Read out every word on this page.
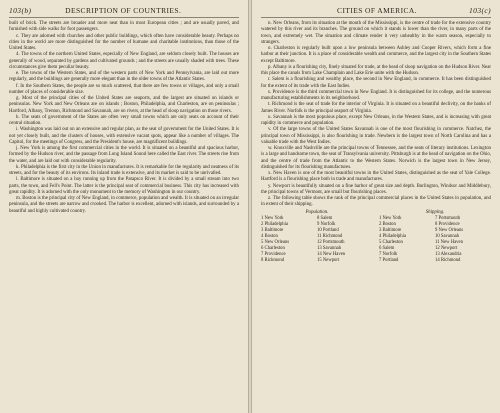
103(b)	DESCRIPTION OF COUNTRIES.

built of brick. The streets are broader and more neat than in most European cities ; and are usually paved, and furnished with side walks for foot passengers.

c. They are adorned with churches and other public buildings, which often have considerable beauty. Perhaps no cities in the world are more distinguished for the number of humane and charitable institutions, than those of the United States.

4. The towns of the northern United States, especially of New England, are seldom closely built. The houses are generally of wood, separated by gardens and cultivated grounds ; and the streets are usually shaded with trees. These circumstances give them peculiar beauty.

e. The towns of the Western States, and of the western parts of New York and Pennsylvania, are laid out more regularly, and the buildings are generally more elegant than in the older towns of the Atlantic States.

f. In the Southern States, the people are so much scattered, that there are few towns or villages, and only a small number of places of considerable size.

g. Most of the principal cities of the United States are seaports, and the largest are situated on islands or peninsulas. New York and New Orleans are on islands ; Boston, Philadelphia, and Charleston, are on peninsulas ; Hartford, Albany, Trenton, Richmond and Savannah, are on rivers, at the head of sloop navigation on those rivers.

h. The seats of government of the States are often very small towns which are only seats on account of their central situation.

i. Washington was laid out on an extensive and regular plan, as the seat of government for the United States. It is not yet closely built, and the clusters of houses, with extensive vacant spots, appear like a number of villages. The Capitol, for the meetings of Congress, and the President's house, are magnificent buildings.

j. New York is among the first commercial cities in the world. It is situated on a beautiful and spacious harbor, formed by the Hudson river, and the passage from Long Island Sound here called the East river. The streets rise from the water, and are laid out with considerable regularity.

k. Philadelphia is the first city in the Union in manufactures. It is remarkable for the regularity and neatness of its streets, and for the beauty of its environs. Its inland trade is extensive, and its market is said to be unrivalled.

l. Baltimore is situated on a bay running up from the Patapsco River. It is divided by a small stream into two parts, the town, and Fell's Point. The latter is the principal seat of commercial business. This city has increased with great rapidity. It is adorned with the only monument to the memory of Washington in our country.

m. Boston is the principal city of New England, in commerce, population and wealth. It is situated on an irregular peninsula, and the streets are narrow and crooked. The harbor is excellent, adorned with islands, and surrounded by a beautiful and highly cultivated country.

CITIES OF AMERICA.	103(c)

n. New Orleans, from its situation at the mouth of the Mississippi, is the centre of trade for the extensive country watered by this river and its branches. The ground on which it stands is lower than the river, in many parts of the town, and extremely wet. The situation and climate render it very unhealthy in the warm season, especially to strangers.

o. Charleston is regularly built upon a low peninsula between Ashley and Cooper Rivers, which form a fine harbor at their junction. It is a place of considerable wealth and commerce, and the largest city in the Southern States except Baltimore.

p. Albany is a flourishing city, finely situated for trade, at the head of sloop navigation on the Hudson River. Near this place the canals from Lake Champlain and Lake Erie unite with the Hudson.

r. Salem is a flourishing and wealthy place, the second in New England, in commerce. It has been distinguished for the extent of its trade with the East Indies.

s. Providence is the third commercial town in New England. It is distinguished for its college, and the numerous manufacturing establishments in its neighborhood.

t. Richmond is the seat of trade for the interior of Virginia. It is situated on a beautiful declivity, on the banks of James River. Norfolk is the principal seaport of Virginia.

u. Savannah is the most populous place, except New Orleans, in the Western States, and is increasing with great rapidity in commerce and population.

v. Of the large towns of the United States Savannah is one of the most flourishing in commerce. Natchez, the principal town of Mississippi, is also flourishing in trade. Newbern is the largest town of North Carolina and has a valuable trade with the West Indies.

w. Knoxville and Nashville are the principal towns of Tennessee, and the seats of literary institutions. Lexington is a large and handsome town, the seat of Transylvania university. Pittsburgh is at the head of navigation on the Ohio, and the centre of trade from the Atlantic to the Western States. Norwich is the largest town in New Jersey, distinguished for its flourishing manufactures.

x. New Haven is one of the most beautiful towns in the United States, distinguished as the seat of Yale College. Hartford is a flourishing place both in trade and manufactures.

y. Newport is beautifully situated on a fine harbor of great size and depth. Burlington, Windsor and Middlebury, the principal towns of Vermont, are small but flourishing places.

z. The following table shows the rank of the principal commercial places in the United States in population, and in extent of their shipping.

Population.
1 New York	8 Salem
2 Philadelphia	9 Norfolk
3 Baltimore	10 Portland
4 Boston	11 Richmond
5 New Orleans	12 Portsmouth
6 Charleston	13 Savannah
7 Providence	14 New Haven
8 Richmond	15 Newport
Shipping.
1 New York	7 Portsmouth
2 Boston	8 Providence
3 Baltimore	9 New Orleans
4 Philadelphia	10 Savannah
5 Charleston	11 New Haven
6 Salem	12 Newport
7 Norfolk	13 Alexandria
7 Portland	14 Richmond
